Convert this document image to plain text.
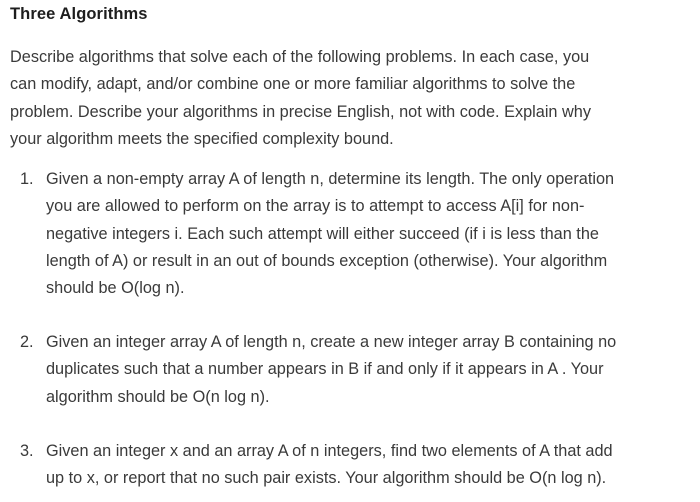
Three Algorithms
Describe algorithms that solve each of the following problems. In each case, you
can modify, adapt, and/or combine one or more familiar algorithms to solve the
problem. Describe your algorithms in precise English, not with code. Explain why
your algorithm meets the specified complexity bound.
1. Given a non-empty array A of length n, determine its length. The only operation
you are allowed to perform on the array is to attempt to access A[i] for non-
negative integers i. Each such attempt will either succeed (if i is less than the
length of A) or result in an out of bounds exception (otherwise). Your algorithm
should be O(log n).
2. Given an integer array A of length n, create a new integer array B containing no
duplicates such that a number appears in B if and only if it appears in A . Your
algorithm should be O(n log n).
3. Given an integer x and an array A of n integers, find two elements of A that add
up to x, or report that no such pair exists. Your algorithm should be O(n log n).
